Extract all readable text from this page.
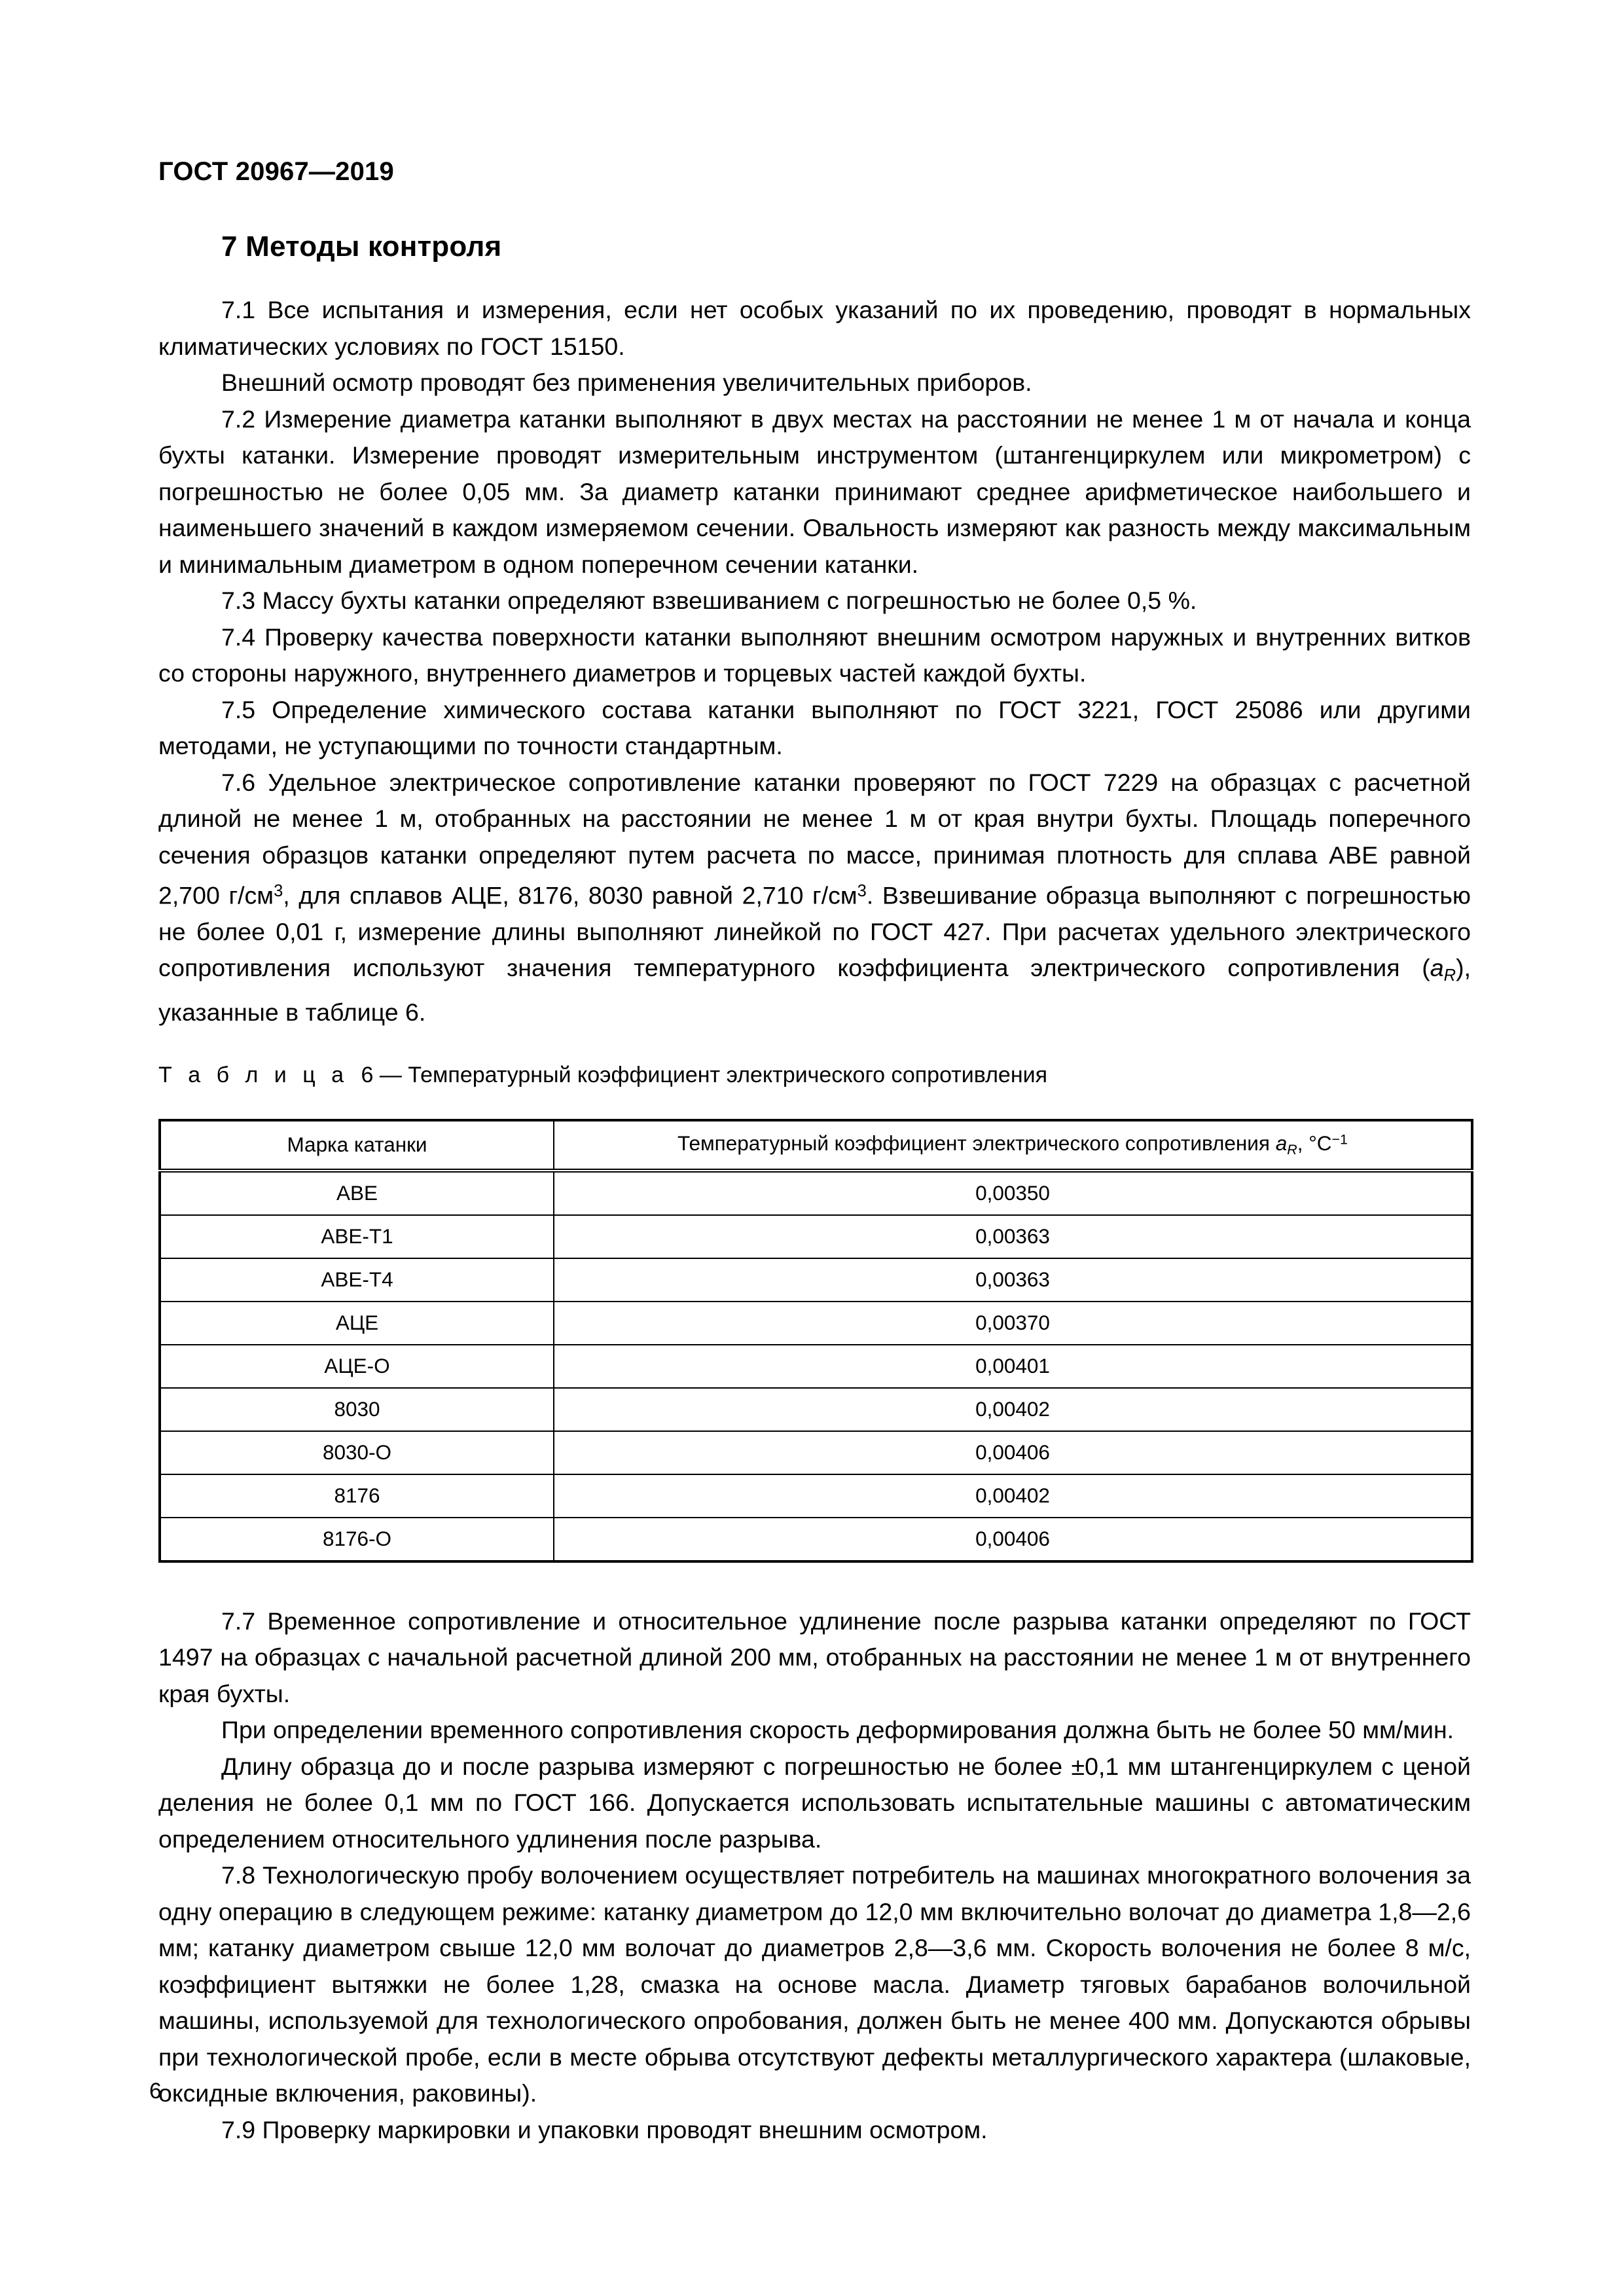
ГОСТ 20967—2019
7 Методы контроля

7.1 Все испытания и измерения, если нет особых указаний по их проведению, проводят в нормальных климатических условиях по ГОСТ 15150.

Внешний осмотр проводят без применения увеличительных приборов.

7.2 Измерение диаметра катанки выполняют в двух местах на расстоянии не менее 1 м от начала и конца бухты катанки. Измерение проводят измерительным инструментом (штангенциркулем или микрометром) с погрешностью не более 0,05 мм. За диаметр катанки принимают среднее арифметическое наибольшего и наименьшего значений в каждом измеряемом сечении. Овальность измеряют как разность между максимальным и минимальным диаметром в одном поперечном сечении катанки.

7.3 Массу бухты катанки определяют взвешиванием с погрешностью не более 0,5 %.

7.4 Проверку качества поверхности катанки выполняют внешним осмотром наружных и внутренних витков со стороны наружного, внутреннего диаметров и торцевых частей каждой бухты.

7.5 Определение химического состава катанки выполняют по ГОСТ 3221, ГОСТ 25086 или другими методами, не уступающими по точности стандартным.

7.6 Удельное электрическое сопротивление катанки проверяют по ГОСТ 7229 на образцах с расчетной длиной не менее 1 м, отобранных на расстоянии не менее 1 м от края внутри бухты. Площадь поперечного сечения образцов катанки определяют путем расчета по массе, принимая плотность для сплава АВЕ равной 2,700 $г/см^3$, для сплавов АЦЕ, 8176, 8030 равной 2,710 $г/см^3$. Взвешивание образца выполняют с погрешностью не более 0,01 г, измерение длины выполняют линейкой по ГОСТ 427. При расчетах удельного электрического сопротивления используют значения температурного коэффициента электрического сопротивления $(a_R)$, указанные в таблице 6.

Т а б л и ц а 6 — Температурный коэффициент электрического сопротивления

Марка катанки	Температурный коэффициент электрического сопротивления $a_R$, $^\circ C^{-1}$
АВЕ	0,00350
АВЕ-Т1	0,00363
АВЕ-Т4	0,00363
АЦЕ	0,00370
АЦЕ-О	0,00401
8030	0,00402
8030-О	0,00406
8176	0,00402
8176-О	0,00406

7.7 Временное сопротивление и относительное удлинение после разрыва катанки определяют по ГОСТ 1497 на образцах с начальной расчетной длиной 200 мм, отобранных на расстоянии не менее 1 м от внутреннего края бухты.

При определении временного сопротивления скорость деформирования должна быть не более 50 мм/мин.

Длину образца до и после разрыва измеряют с погрешностью не более ±0,1 мм штангенциркулем с ценой деления не более 0,1 мм по ГОСТ 166. Допускается использовать испытательные машины с автоматическим определением относительного удлинения после разрыва.

7.8 Технологическую пробу волочением осуществляет потребитель на машинах многократного волочения за одну операцию в следующем режиме: катанку диаметром до 12,0 мм включительно волочат до диаметра 1,8—2,6 мм; катанку диаметром свыше 12,0 мм волочат до диаметров 2,8—3,6 мм. Скорость волочения не более 8 м/с, коэффициент вытяжки не более 1,28, смазка на основе масла. Диаметр тяговых барабанов волочильной машины, используемой для технологического опробования, должен быть не менее 400 мм. Допускаются обрывы при технологической пробе, если в месте обрыва отсутствуют дефекты металлургического характера (шлаковые, оксидные включения, раковины).

7.9 Проверку маркировки и упаковки проводят внешним осмотром.

6
